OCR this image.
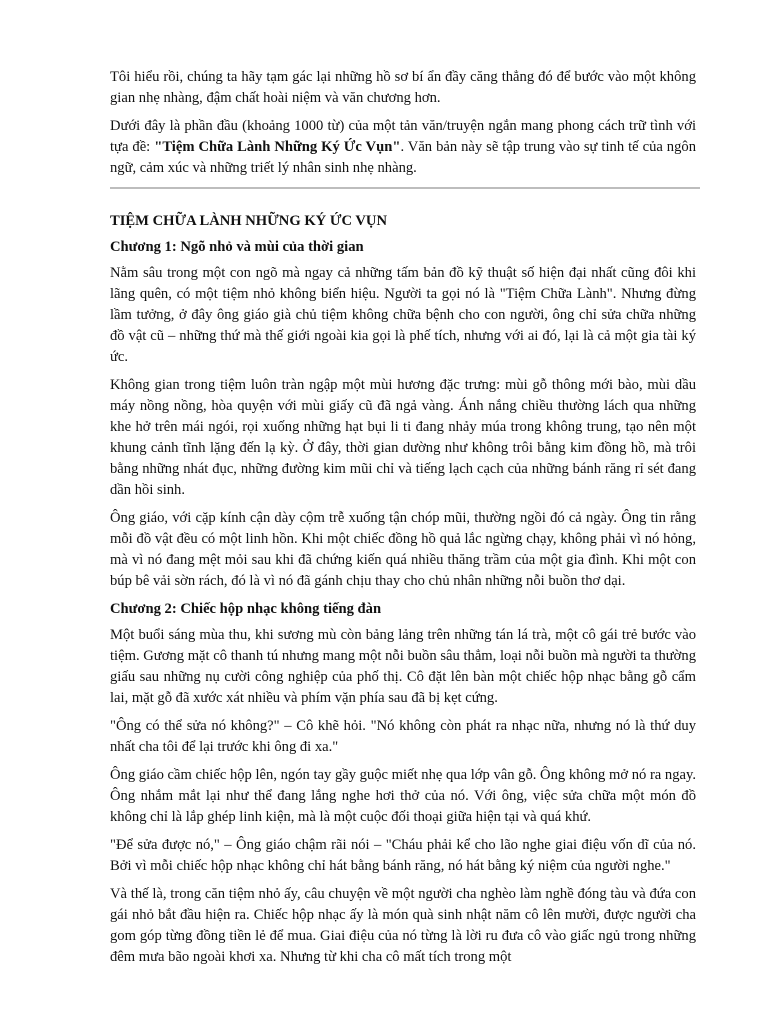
Tôi hiểu rồi, chúng ta hãy tạm gác lại những hồ sơ bí ẩn đầy căng thẳng đó để bước vào một không gian nhẹ nhàng, đậm chất hoài niệm và văn chương hơn.

Dưới đây là phần đầu (khoảng 1000 từ) của một tản văn/truyện ngắn mang phong cách trữ tình với tựa đề: "Tiệm Chữa Lành Những Ký Ức Vụn". Văn bản này sẽ tập trung vào sự tinh tế của ngôn ngữ, cảm xúc và những triết lý nhân sinh nhẹ nhàng.

TIỆM CHỮA LÀNH NHỮNG KÝ ỨC VỤN
Chương 1: Ngõ nhỏ và mùi của thời gian

Nằm sâu trong một con ngõ mà ngay cả những tấm bản đồ kỹ thuật số hiện đại nhất cũng đôi khi lãng quên, có một tiệm nhỏ không biển hiệu. Người ta gọi nó là "Tiệm Chữa Lành". Nhưng đừng lầm tưởng, ở đây ông giáo già chủ tiệm không chữa bệnh cho con người, ông chỉ sửa chữa những đồ vật cũ – những thứ mà thế giới ngoài kia gọi là phế tích, nhưng với ai đó, lại là cả một gia tài ký ức.

Không gian trong tiệm luôn tràn ngập một mùi hương đặc trưng: mùi gỗ thông mới bào, mùi dầu máy nồng nồng, hòa quyện với mùi giấy cũ đã ngả vàng. Ánh nắng chiều thường lách qua những khe hở trên mái ngói, rọi xuống những hạt bụi li ti đang nhảy múa trong không trung, tạo nên một khung cảnh tĩnh lặng đến lạ kỳ. Ở đây, thời gian dường như không trôi bằng kim đồng hồ, mà trôi bằng những nhát đục, những đường kim mũi chỉ và tiếng lạch cạch của những bánh răng rỉ sét đang dần hồi sinh.

Ông giáo, với cặp kính cận dày cộm trễ xuống tận chóp mũi, thường ngồi đó cả ngày. Ông tin rằng mỗi đồ vật đều có một linh hồn. Khi một chiếc đồng hồ quả lắc ngừng chạy, không phải vì nó hỏng, mà vì nó đang mệt mỏi sau khi đã chứng kiến quá nhiều thăng trầm của một gia đình. Khi một con búp bê vải sờn rách, đó là vì nó đã gánh chịu thay cho chủ nhân những nỗi buồn thơ dại.

Chương 2: Chiếc hộp nhạc không tiếng đàn

Một buổi sáng mùa thu, khi sương mù còn bảng lảng trên những tán lá trà, một cô gái trẻ bước vào tiệm. Gương mặt cô thanh tú nhưng mang một nỗi buồn sâu thẳm, loại nỗi buồn mà người ta thường giấu sau những nụ cười công nghiệp của phố thị. Cô đặt lên bàn một chiếc hộp nhạc bằng gỗ cẩm lai, mặt gỗ đã xước xát nhiều và phím vặn phía sau đã bị kẹt cứng.

"Ông có thể sửa nó không?" – Cô khẽ hỏi. "Nó không còn phát ra nhạc nữa, nhưng nó là thứ duy nhất cha tôi để lại trước khi ông đi xa."

Ông giáo cầm chiếc hộp lên, ngón tay gầy guộc miết nhẹ qua lớp vân gỗ. Ông không mở nó ra ngay. Ông nhắm mắt lại như thể đang lắng nghe hơi thở của nó. Với ông, việc sửa chữa một món đồ không chỉ là lắp ghép linh kiện, mà là một cuộc đối thoại giữa hiện tại và quá khứ.

"Để sửa được nó," – Ông giáo chậm rãi nói – "Cháu phải kể cho lão nghe giai điệu vốn dĩ của nó. Bởi vì mỗi chiếc hộp nhạc không chỉ hát bằng bánh răng, nó hát bằng ký niệm của người nghe."

Và thế là, trong căn tiệm nhỏ ấy, câu chuyện về một người cha nghèo làm nghề đóng tàu và đứa con gái nhỏ bắt đầu hiện ra. Chiếc hộp nhạc ấy là món quà sinh nhật năm cô lên mười, được người cha gom góp từng đồng tiền lẻ để mua. Giai điệu của nó từng là lời ru đưa cô vào giấc ngủ trong những đêm mưa bão ngoài khơi xa. Nhưng từ khi cha cô mất tích trong một
